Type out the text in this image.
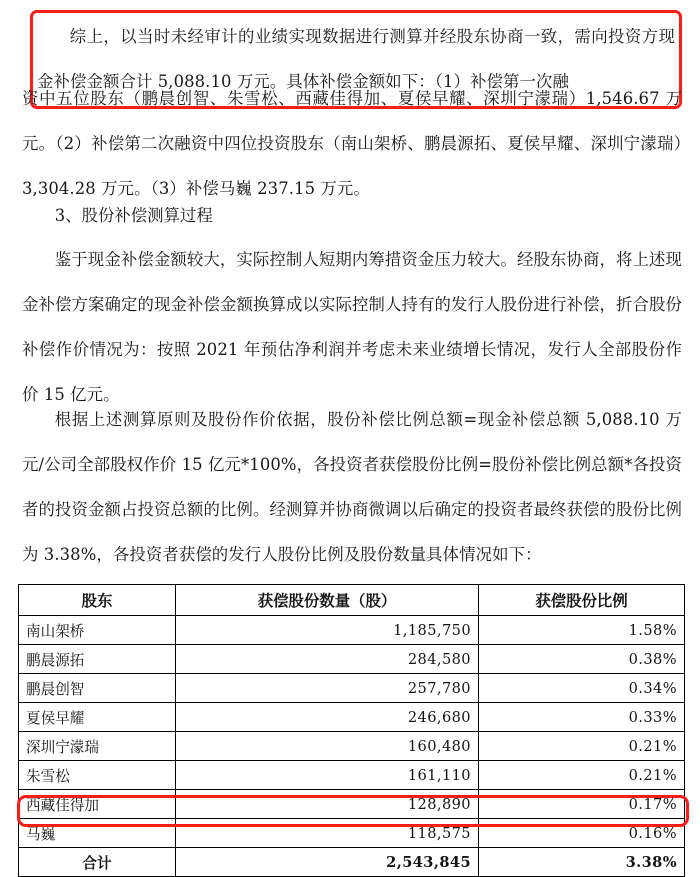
综上，以当时未经审计的业绩实现数据进行测算并经股东协商一致，需向投资方现金补偿金额合计 5,088.10 万元。具体补偿金额如下：（1）补偿第一次融

资中五位股东（鹏晨创智、朱雪松、西藏佳得加、夏侯早耀、深圳宁濛瑞）1,546.67 万元。（2）补偿第二次融资中四位投资股东（南山架桥、鹏晨源拓、夏侯早耀、深圳宁濛瑞）3,304.28 万元。（3）补偿马巍 237.15 万元。

3、股份补偿测算过程

鉴于现金补偿金额较大，实际控制人短期内筹措资金压力较大。经股东协商，将上述现金补偿方案确定的现金补偿金额换算成以实际控制人持有的发行人股份进行补偿，折合股份补偿作价情况为：按照 2021 年预估净利润并考虑未来业绩增长情况，发行人全部股份作价 15 亿元。

根据上述测算原则及股份作价依据，股份补偿比例总额=现金补偿总额 5,088.10 万元/公司全部股权作价 15 亿元*100%，各投资者获偿股份比例=股份补偿比例总额*各投资者的投资金额占投资总额的比例。经测算并协商微调以后确定的投资者最终获偿的股份比例为 3.38%，各投资者获偿的发行人股份比例及股份数量具体情况如下：

股东	获偿股份数量（股）	获偿股份比例
南山架桥	1,185,750	1.58%
鹏晨源拓	284,580	0.38%
鹏晨创智	257,780	0.34%
夏侯早耀	246,680	0.33%
深圳宁濛瑞	160,480	0.21%
朱雪松	161,110	0.21%
西藏佳得加	128,890	0.17%
马巍	118,575	0.16%
合计	2,543,845	3.38%
